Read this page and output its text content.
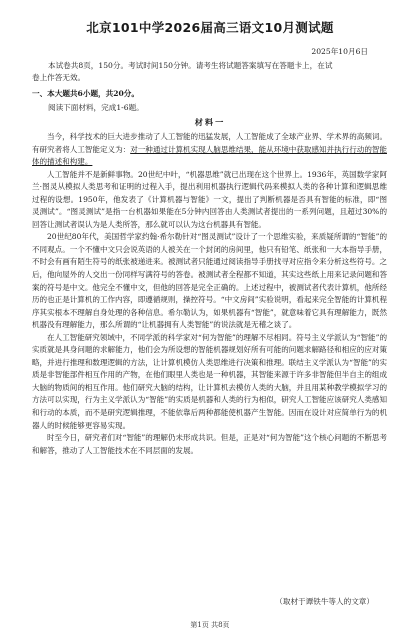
北京101中学2026届高三语文10月测试题
2025年10月6日
本试卷共8页，150分。考试时间150分钟。请考生将试题答案填写在答题卡上，在试
卷上作答无效。
一、本大题共6小题，共20分。
阅读下面材料，完成1-6题。
材料一

当今，科学技术的巨大进步推动了人工智能的迅猛发展，人工智能成了全球产业界、学术界的高频词。有研究者将人工智能定义为：对一种通过计算机实现人脑思维结果，能从环境中获取感知并执行行动的智能体的描述和构建。

人工智能并不是新鲜事物。20世纪中叶，“机器思维”就已出现在这个世界上。1936年，英国数学家阿兰·图灵从模拟人类思考和证明的过程入手，提出利用机器执行逻辑代码来模拟人类的各种计算和逻辑思维过程的设想。1950年，他发表了《计算机器与智能》一文，提出了判断机器是否具有智能的标准，即“图灵测试”。“图灵测试”是指一台机器如果能在5分钟内回答由人类测试者提出的一系列问题，且超过30%的回答让测试者误认为是人类所答，那么就可以认为这台机器具有智能。

20世纪80年代，美国哲学家约翰·希尔勒针对“图灵测试”设计了一个思维实验，来质疑所谓的“智能”的不同观点。一个不懂中文只会说英语的人被关在一个封闭的房间里，他只有铅笔、纸张和一大本指导手册，不时会有画有陌生符号的纸张被递进来。被测试者只能通过阅读指导手册找寻对应指令来分析这些符号。之后，他向屋外的人交出一份同样写满符号的答卷。被测试者全程都不知道，其实这些纸上用来记录问题和答案的符号是中文。他完全不懂中文，但他的回答是完全正确的。上述过程中，被测试者代表计算机，他所经历的也正是计算机的工作内容，即遵循规则，操控符号。“中文房间”实验说明，看起来完全智能的计算机程序其实根本不理解自身处理的各种信息。希尔勒认为，如果机器有“智能”，就意味着它具有理解能力，既然机器没有理解能力，那么所谓的“让机器拥有人类智能”的说法就是无稽之谈了。

在人工智能研究领域中，不同学派的科学家对“何为智能”的理解不尽相同。符号主义学派认为“智能”的实质就是具身问题的求解能力，他们会为所设想的智能机器规划好所有可能的问题求解路径和相应的应对策略，并进行推理和数理逻辑的方法，让计算机模仿人类思维进行决策和推理。联结主义学派认为“智能”的实质是非智能部件相互作用的产物，在他们眼里人类也是一种机器，其智能来源于许多非智能但半自主的组成大脑的物质间的相互作用。他们研究大脑的结构，让计算机去模仿人类的大脑，并且用某种教学模拟学习的方法可以实现，行为主义学派认为“智能”的实质是机器和人类的行为相似，研究人工智能应该研究人类感知和行动的本质，而不是研究逻辑推理，不能依靠后两种都能使机器产生智能。因而在设计对应简单行为的机器人的时候能够更容易实现。

时至今日，研究者们对“智能”的理解仍未形成共识。但是，正是对“何为智能”这个核心问题的不断思考和解答，推动了人工智能技术在不同层面的发展。

（取材于谭铁牛等人的文章）
第1页 共8页
